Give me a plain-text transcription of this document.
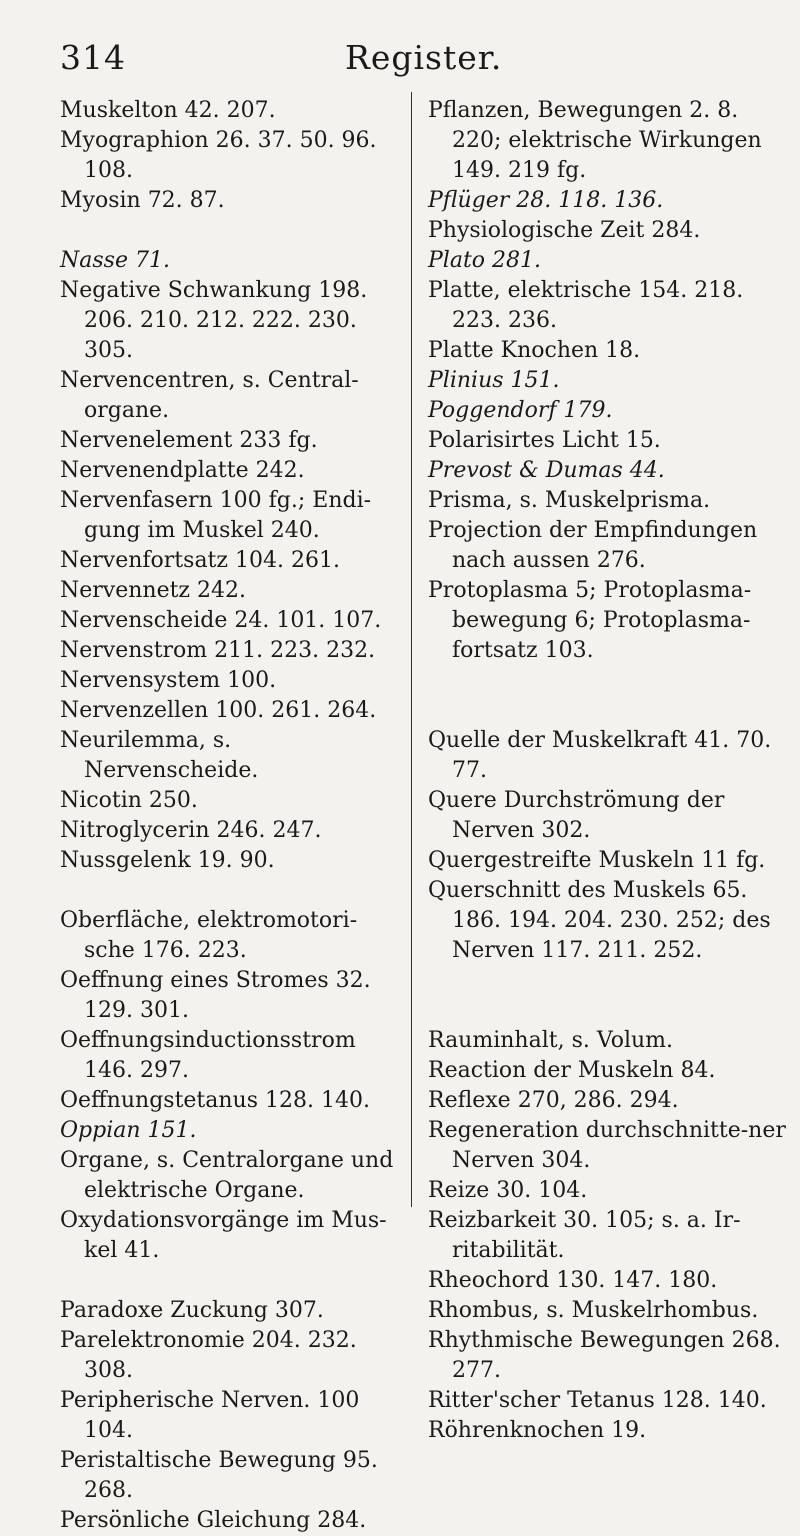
314	Register.
Muskelton 42. 207.
Myographion 26. 37. 50. 96. 108.
Myosin 72. 87.
Nasse 71.
Negative Schwankung 198. 206. 210. 212. 222. 230. 305.
Nervencentren, s. Central-organe.
Nervenelement 233 fg.
Nervenendplatte 242.
Nervenfasern 100 fg.; Endi-gung im Muskel 240.
Nervenfortsatz 104. 261.
Nervennetz 242.
Nervenscheide 24. 101. 107.
Nervenstrom 211. 223. 232.
Nervensystem 100.
Nervenzellen 100. 261. 264.
Neurilemma, s. Nervenscheide.
Nicotin 250.
Nitroglycerin 246. 247.
Nussgelenk 19. 90.
Oberfläche, elektromotori-sche 176. 223.
Oeffnung eines Stromes 32. 129. 301.
Oeffnungsinductionsstrom 146. 297.
Oeffnungstetanus 128. 140.
Oppian 151.
Organe, s. Centralorgane und elektrische Organe.
Oxydationsvorgänge im Mus-kel 41.
Paradoxe Zuckung 307.
Parelektronomie 204. 232. 308.
Peripherische Nerven. 100 104.
Peristaltische Bewegung 95. 268.
Persönliche Gleichung 284.
Pflanzen, Bewegungen 2. 8. 220; elektrische Wirkungen 149. 219 fg.
Pflüger 28. 118. 136.
Physiologische Zeit 284.
Plato 281.
Platte, elektrische 154. 218. 223. 236.
Platte Knochen 18.
Plinius 151.
Poggendorf 179.
Polarisirtes Licht 15.
Prevost & Dumas 44.
Prisma, s. Muskelprisma.
Projection der Empfindungen nach aussen 276.
Protoplasma 5; Protoplasma-bewegung 6; Protoplasma-fortsatz 103.
Quelle der Muskelkraft 41. 70. 77.
Quere Durchströmung der Nerven 302.
Quergestreifte Muskeln 11 fg.
Querschnitt des Muskels 65. 186. 194. 204. 230. 252; des Nerven 117. 211. 252.
Rauminhalt, s. Volum.
Reaction der Muskeln 84.
Reflexe 270, 286. 294.
Regeneration durchschnitte-ner Nerven 304.
Reize 30. 104.
Reizbarkeit 30. 105; s. a. Ir-ritabilität.
Rheochord 130. 147. 180.
Rhombus, s. Muskelrhombus.
Rhythmische Bewegungen 268. 277.
Ritter'scher Tetanus 128. 140.
Röhrenknochen 19.
